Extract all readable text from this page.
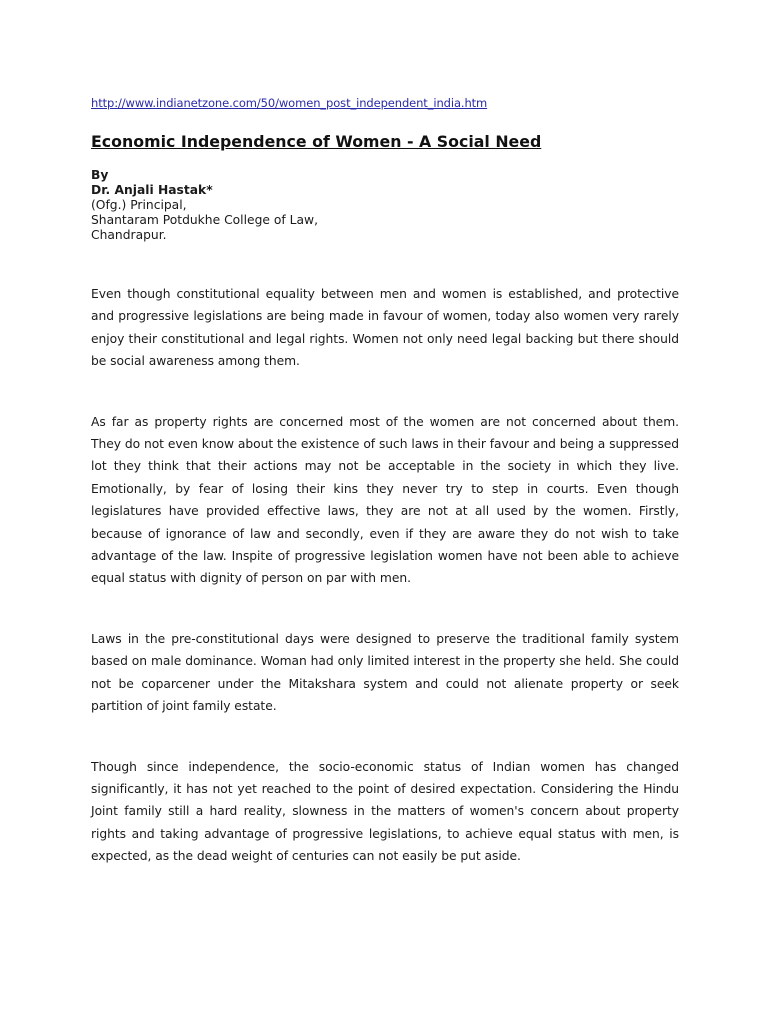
http://www.indianetzone.com/50/women_post_independent_india.htm
Economic Independence of Women - A Social Need
By
Dr. Anjali Hastak*
(Ofg.) Principal,
Shantaram Potdukhe College of Law,
Chandrapur.

Even though constitutional equality between men and women is established, and protective and progressive legislations are being made in favour of women, today also women very rarely enjoy their constitutional and legal rights. Women not only need legal backing but there should be social awareness among them.

As far as property rights are concerned most of the women are not concerned about them. They do not even know about the existence of such laws in their favour and being a suppressed lot they think that their actions may not be acceptable in the society in which they live. Emotionally, by fear of losing their kins they never try to step in courts. Even though legislatures have provided effective laws, they are not at all used by the women. Firstly, because of ignorance of law and secondly, even if they are aware they do not wish to take advantage of the law. Inspite of progressive legislation women have not been able to achieve equal status with dignity of person on par with men.

Laws in the pre-constitutional days were designed to preserve the traditional family system based on male dominance. Woman had only limited interest in the property she held. She could not be coparcener under the Mitakshara system and could not alienate property or seek partition of joint family estate.

Though since independence, the socio-economic status of Indian women has changed significantly, it has not yet reached to the point of desired expectation. Considering the Hindu Joint family still a hard reality, slowness in the matters of women's concern about property rights and taking advantage of progressive legislations, to achieve equal status with men, is expected, as the dead weight of centuries can not easily be put aside.
